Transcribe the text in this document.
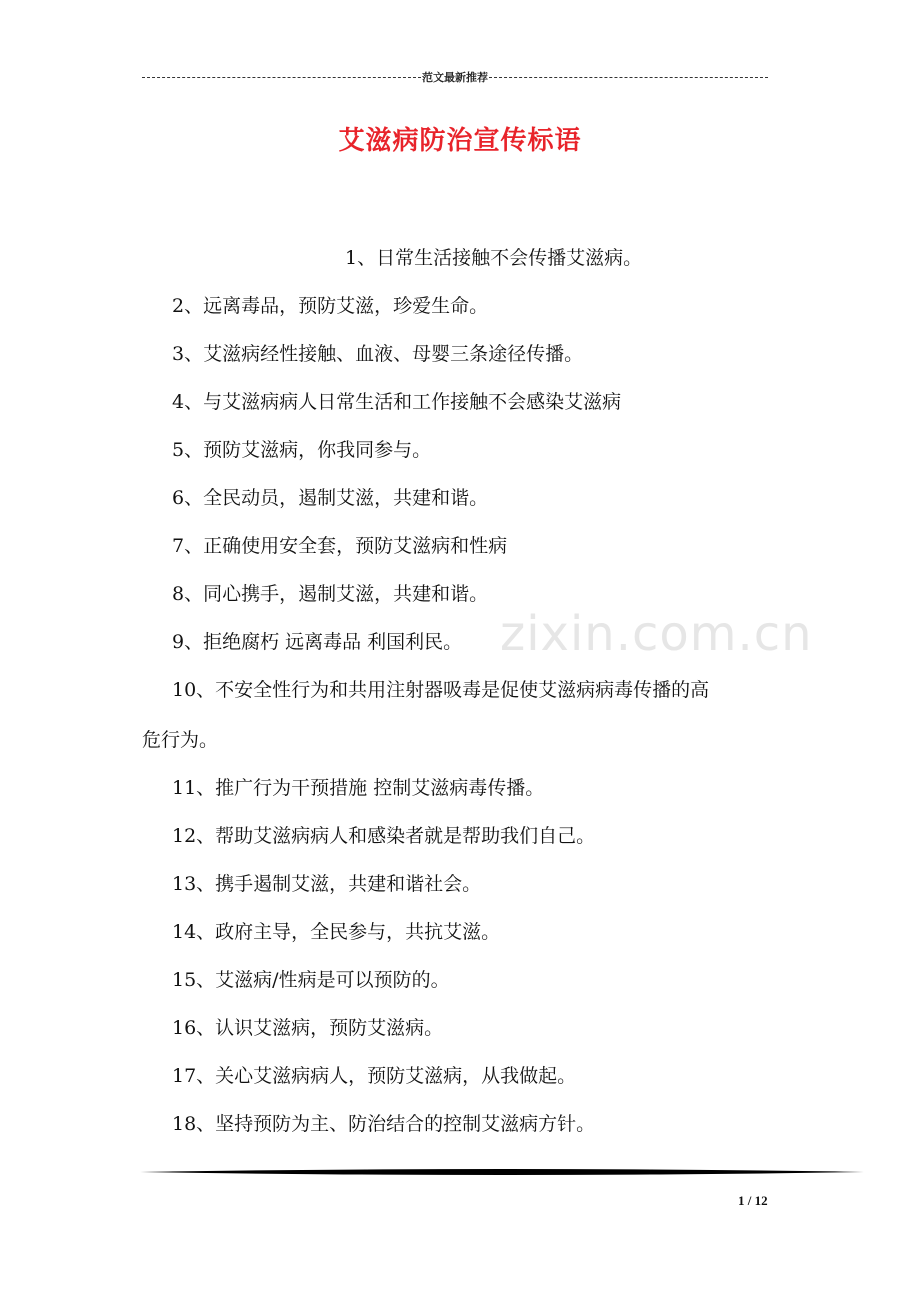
范文最新推荐
艾滋病防治宣传标语
zixin.com.cn
1、日常生活接触不会传播艾滋病。
2、远离毒品，预防艾滋，珍爱生命。
3、艾滋病经性接触、血液、母婴三条途径传播。
4、与艾滋病病人日常生活和工作接触不会感染艾滋病
5、预防艾滋病，你我同参与。
6、全民动员，遏制艾滋，共建和谐。
7、正确使用安全套，预防艾滋病和性病
8、同心携手，遏制艾滋，共建和谐。
9、拒绝腐朽 远离毒品 利国利民。
10、不安全性行为和共用注射器吸毒是促使艾滋病病毒传播的高
危行为。
11、推广行为干预措施 控制艾滋病毒传播。
12、帮助艾滋病病人和感染者就是帮助我们自己。
13、携手遏制艾滋，共建和谐社会。
14、政府主导，全民参与，共抗艾滋。
15、艾滋病/性病是可以预防的。
16、认识艾滋病，预防艾滋病。
17、关心艾滋病病人，预防艾滋病，从我做起。
18、坚持预防为主、防治结合的控制艾滋病方针。
1 / 12
